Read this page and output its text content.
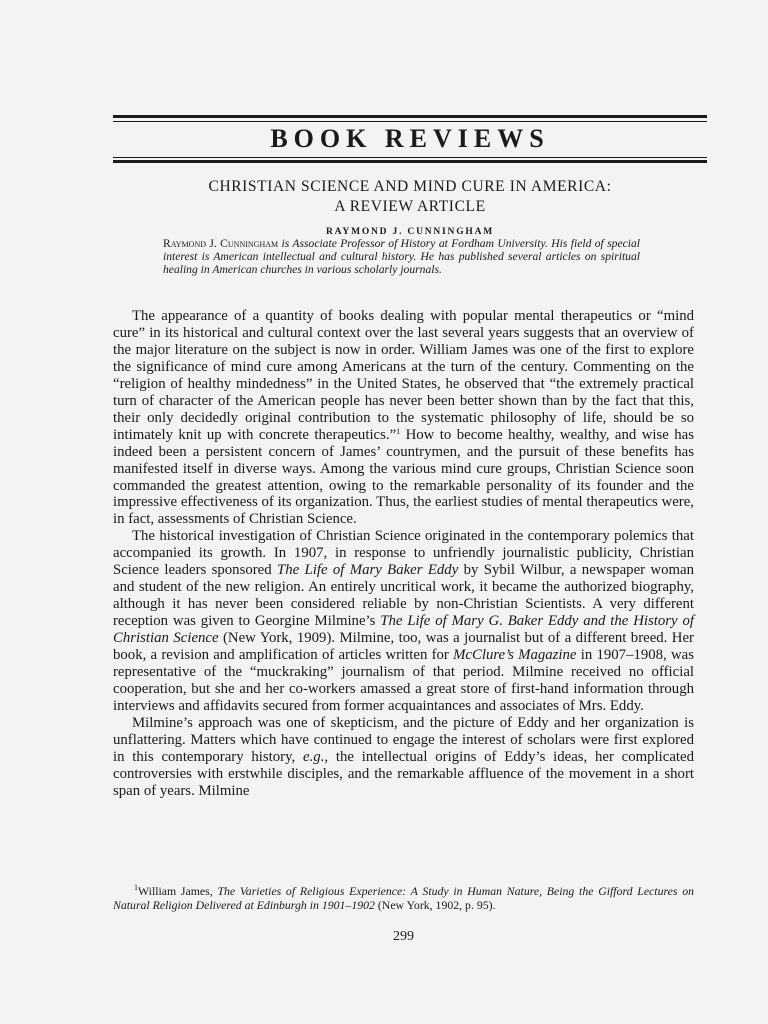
BOOK REVIEWS
CHRISTIAN SCIENCE AND MIND CURE IN AMERICA:
A REVIEW ARTICLE
RAYMOND J. CUNNINGHAM
Raymond J. Cunningham is Associate Professor of History at Fordham University. His field of special interest is American intellectual and cultural history. He has published several articles on spiritual healing in American churches in various scholarly journals.

The appearance of a quantity of books dealing with popular mental therapeutics or “mind cure” in its historical and cultural context over the last several years suggests that an overview of the major literature on the subject is now in order. William James was one of the first to explore the significance of mind cure among Americans at the turn of the century. Commenting on the “religion of healthy mindedness” in the United States, he observed that “the extremely practical turn of character of the American people has never been better shown than by the fact that this, their only decidedly original contribution to the systematic philosophy of life, should be so intimately knit up with concrete therapeutics.”$^1$ How to become healthy, wealthy, and wise has indeed been a persistent concern of James’ countrymen, and the pursuit of these benefits has manifested itself in diverse ways. Among the various mind cure groups, Christian Science soon commanded the greatest attention, owing to the remarkable personality of its founder and the impressive effectiveness of its organization. Thus, the earliest studies of mental therapeutics were, in fact, assessments of Christian Science.

The historical investigation of Christian Science originated in the contemporary polemics that accompanied its growth. In 1907, in response to unfriendly journalistic publicity, Christian Science leaders sponsored The Life of Mary Baker Eddy by Sybil Wilbur, a newspaper woman and student of the new religion. An entirely uncritical work, it became the authorized biography, although it has never been considered reliable by non-Christian Scientists. A very different reception was given to Georgine Milmine’s The Life of Mary G. Baker Eddy and the History of Christian Science (New York, 1909). Milmine, too, was a journalist but of a different breed. Her book, a revision and amplification of articles written for McClure’s Magazine in 1907–1908, was representative of the “muckraking” journalism of that period. Milmine received no official cooperation, but she and her co-workers amassed a great store of first-hand information through interviews and affidavits secured from former acquaintances and associates of Mrs. Eddy.

Milmine’s approach was one of skepticism, and the picture of Eddy and her organization is unflattering. Matters which have continued to engage the interest of scholars were first explored in this contemporary history, e.g., the intellectual origins of Eddy’s ideas, her complicated controversies with erstwhile disciples, and the remarkable affluence of the movement in a short span of years. Milmine

$^1$William James, The Varieties of Religious Experience: A Study in Human Nature, Being the Gifford Lectures on Natural Religion Delivered at Edinburgh in 1901–1902 (New York, 1902, p. 95).
299
